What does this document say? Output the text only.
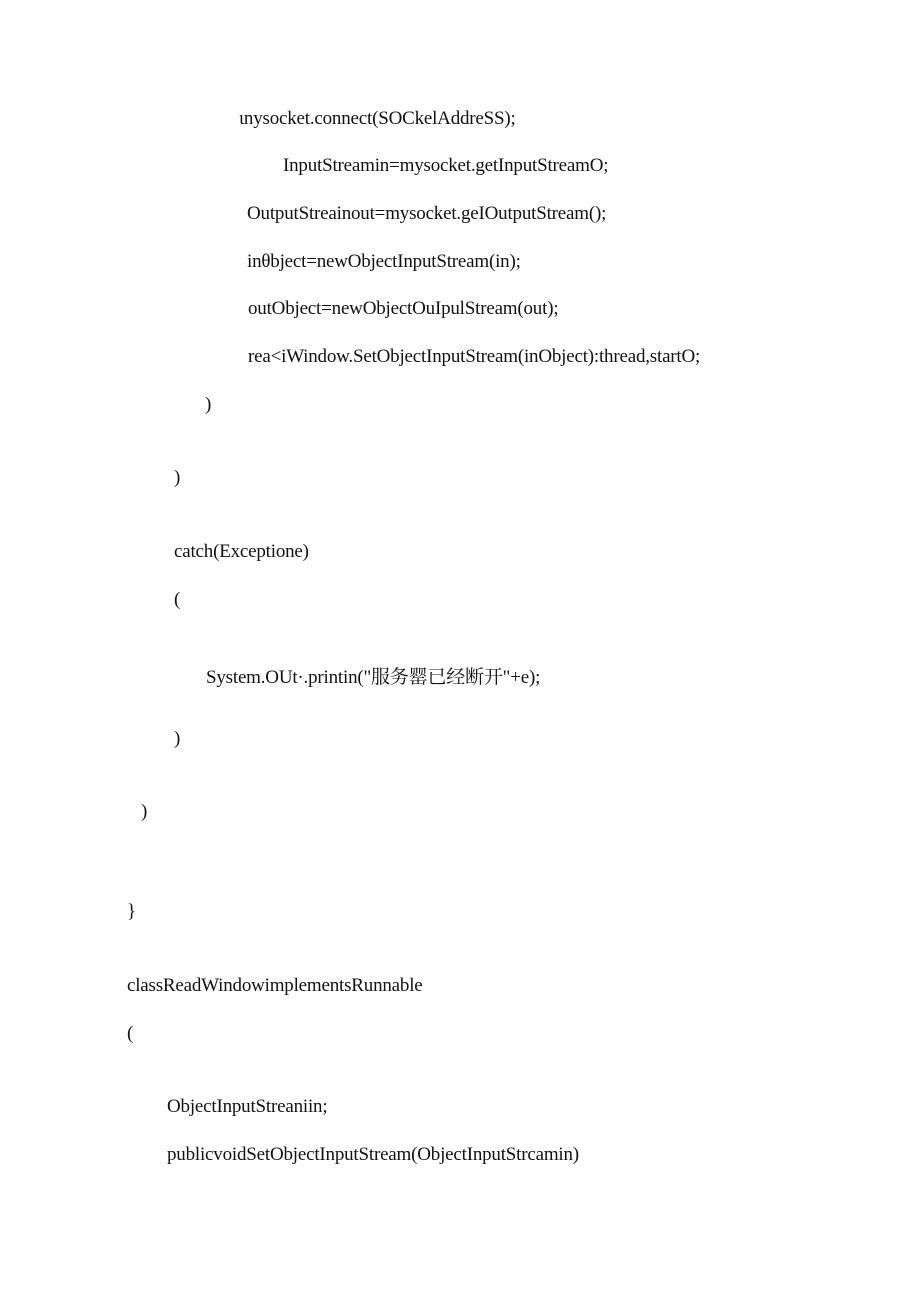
ιnysocket.connect(SOCkelAddreSS);
InputStreamin=mysocket.getInputStreamO;
OutputStreainout=mysocket.geIOutputStream();
inθbject=newObjectInputStream(in);
outObject=newObjectOuIpulStream(out);
rea<iWindow.SetObjectInputStream(inObject):thread,startO;
)
)
catch(Exceptione)
(
System.OUt·.printin("服务罂已经断开"+e);
)
)
}
classReadWindowimplementsRunnable
(
ObjectInputStreaniin;
publicvoidSetObjectInputStream(ObjectInputStrcamin)
